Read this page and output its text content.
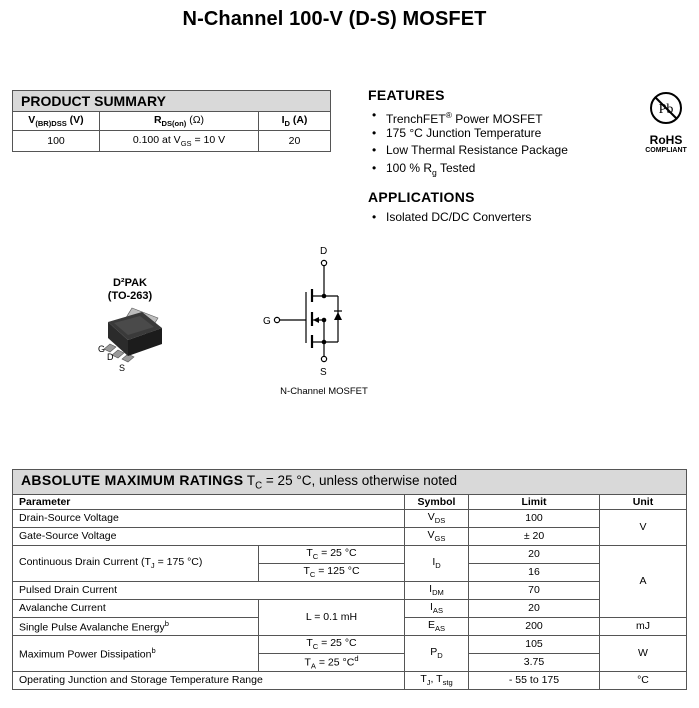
N-Channel 100-V (D-S) MOSFET
PRODUCT SUMMARY		
$V_{(BR)DSS}$ (V)	$R_{DS(on)}$ (Ω)	$I_D$ (A)
100	0.100 at $V_{GS} = 10$ V	20
FEATURES
• TrenchFET® Power MOSFET
• 175 °C Junction Temperature
• Low Thermal Resistance Package
• 100 % $R_g$ Tested
APPLICATIONS
• Isolated DC/DC Converters
Pb
RoHS
COMPLIANT
D²PAK
(TO-263)
G
D
S
D
G
S
N-Channel MOSFET
ABSOLUTE MAXIMUM RATINGS $T_C = 25$ °C, unless otherwise noted				
Parameter		Symbol	Limit	Unit
Drain-Source Voltage		$V_{DS}$	100	V
Gate-Source Voltage		$V_{GS}$	± 20	
Continuous Drain Current ($T_J = 175$ °C)	$T_C = 25$ °C	$I_D$	20	A
	$T_C = 125$ °C		16	
Pulsed Drain Current		$I_{DM}$	70	
Avalanche Current	L = 0.1 mH	$I_{AS}$	20	
Single Pulse Avalanche Energy$^b$		$E_{AS}$	200	mJ
Maximum Power Dissipation$^b$	$T_C = 25$ °C	$P_D$	105	W
	$T_A = 25$ $^\circ C^d$		3.75	
Operating Junction and Storage Temperature Range		$T_J$, $T_{stg}$	- 55 to 175	°C
